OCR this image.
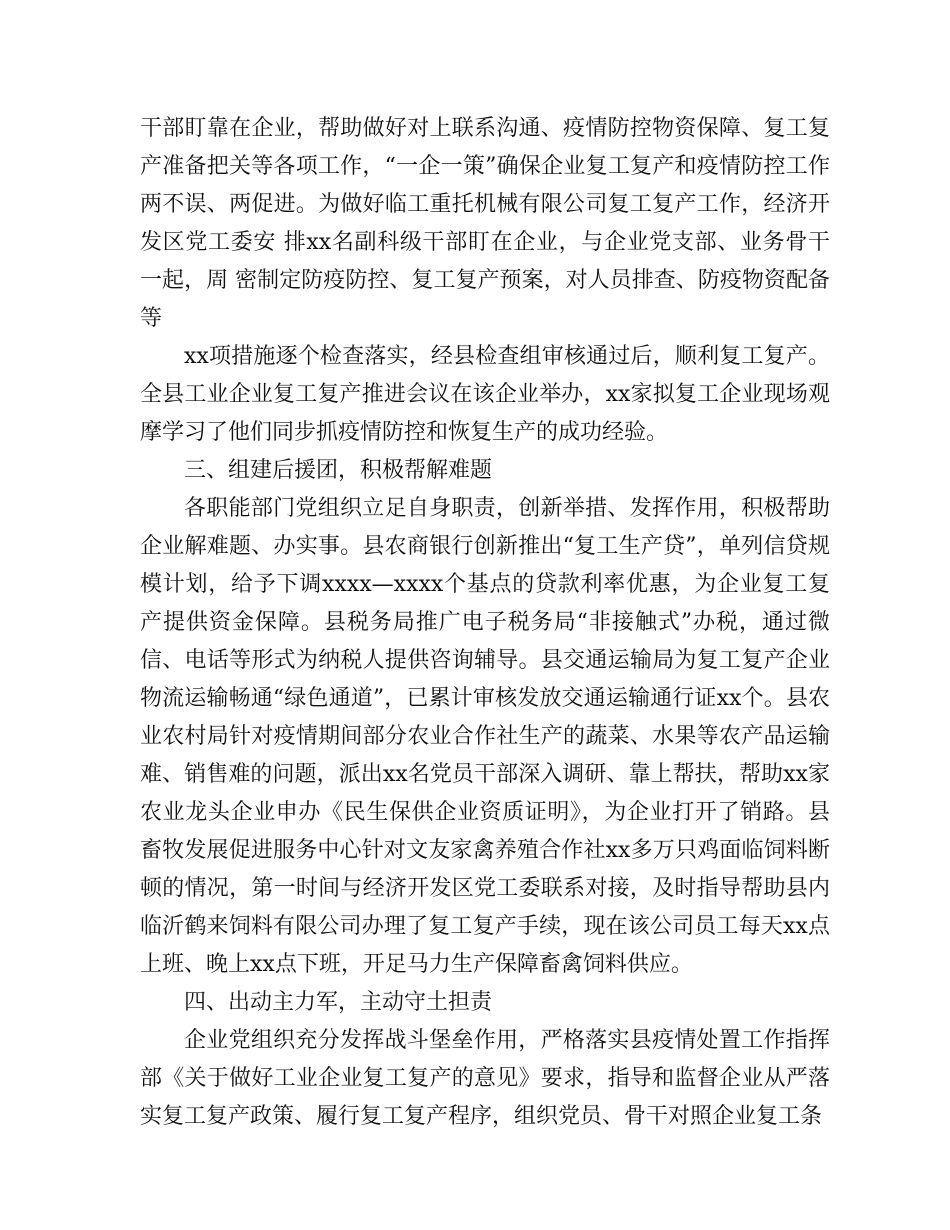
干部盯靠在企业，帮助做好对上联系沟通、疫情防控物资保障、复工复产准备把关等各项工作，“一企一策”确保企业复工复产和疫情防控工作两不误、两促进。为做好临工重托机械有限公司复工复产工作，经济开发区党工委安 排xx名副科级干部盯在企业，与企业党支部、业务骨干一起，周 密制定防疫防控、复工复产预案，对人员排查、防疫物资配备等

xx项措施逐个检查落实，经县检查组审核通过后，顺利复工复产。全县工业企业复工复产推进会议在该企业举办，xx家拟复工企业现场观摩学习了他们同步抓疫情防控和恢复生产的成功经验。

三、组建后援团，积极帮解难题

各职能部门党组织立足自身职责，创新举措、发挥作用，积极帮助企业解难题、办实事。县农商银行创新推出“复工生产贷”，单列信贷规模计划，给予下调xxxx—xxxx个基点的贷款利率优惠，为企业复工复产提供资金保障。县税务局推广电子税务局“非接触式”办税，通过微信、电话等形式为纳税人提供咨询辅导。县交通运输局为复工复产企业物流运输畅通“绿色通道”，已累计审核发放交通运输通行证xx个。县农业农村局针对疫情期间部分农业合作社生产的蔬菜、水果等农产品运输难、销售难的问题，派出xx名党员干部深入调研、靠上帮扶，帮助xx家农业龙头企业申办《民生保供企业资质证明》，为企业打开了销路。县畜牧发展促进服务中心针对文友家禽养殖合作社xx多万只鸡面临饲料断顿的情况，第一时间与经济开发区党工委联系对接，及时指导帮助县内临沂鹤来饲料有限公司办理了复工复产手续，现在该公司员工每天xx点上班、晚上xx点下班，开足马力生产保障畜禽饲料供应。

四、出动主力军，主动守土担责

企业党组织充分发挥战斗堡垒作用，严格落实县疫情处置工作指挥部《关于做好工业企业复工复产的意见》要求，指导和监督企业从严落实复工复产政策、履行复工复产程序，组织党员、骨干对照企业复工条
